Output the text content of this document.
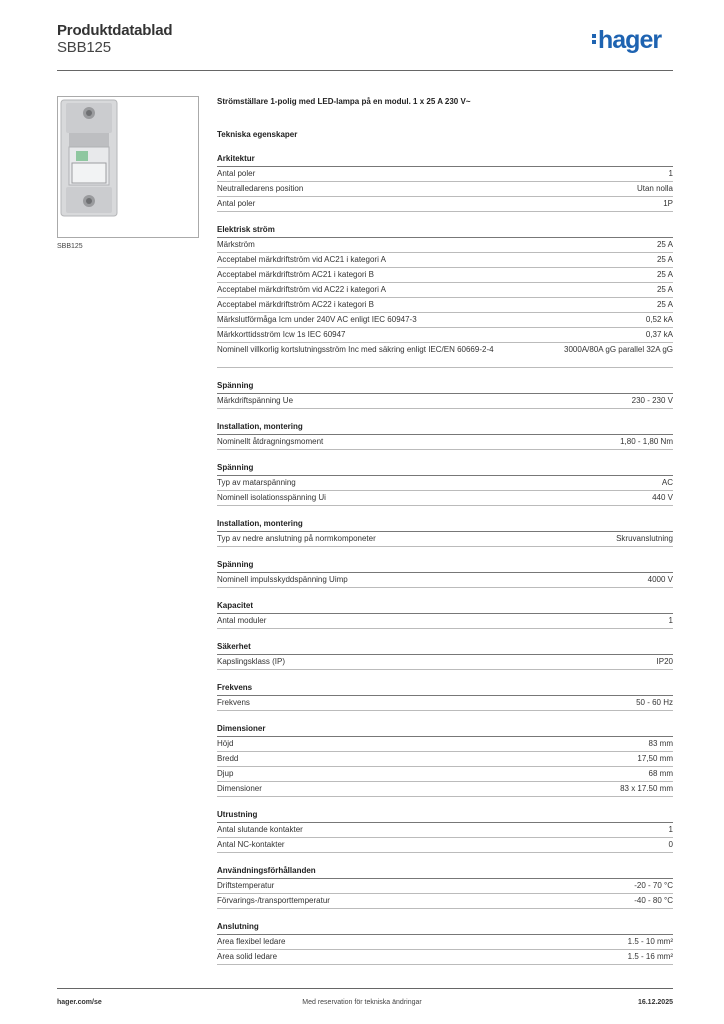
Produktdatablad
SBB125	hager
SBB125
Strömställare 1-polig med LED-lampa på en modul. 1 x 25 A 230 V~
Tekniska egenskaper
Arkitektur
Antal poler	1
Neutralledarens position	Utan nolla
Antal poler	1P
Elektrisk ström
Märkström	25 A
Acceptabel märkdriftström vid AC21 i kategori A	25 A
Acceptabel märkdriftström AC21 i kategori B	25 A
Acceptabel märkdriftström vid AC22 i kategori A	25 A
Acceptabel märkdriftström AC22 i kategori B	25 A
Märkslutförmåga Icm under 240V AC enligt IEC 60947-3	0,52 kA
Märkkorttidsström Icw 1s IEC 60947	0,37 kA
Nominell villkorlig kortslutningsström Inc med säkring enligt IEC/EN 60669-2-4	3000A/80A gG parallel 32A gG
Spänning
Märkdriftspänning Ue	230 - 230 V
Installation, montering
Nominellt åtdragningsmoment	1,80 - 1,80 Nm
Spänning
Typ av matarspänning	AC
Nominell isolationsspänning Ui	440 V
Installation, montering
Typ av nedre anslutning på normkomponeter	Skruvanslutning
Spänning
Nominell impulsskyddspänning Uimp	4000 V
Kapacitet
Antal moduler	1
Säkerhet
Kapslingsklass (IP)	IP20
Frekvens
Frekvens	50 - 60 Hz
Dimensioner
Höjd	83 mm
Bredd	17,50 mm
Djup	68 mm
Dimensioner	83 x 17.50 mm
Utrustning
Antal slutande kontakter	1
Antal NC-kontakter	0
Användningsförhållanden
Driftstemperatur	-20 - 70 °C
Förvarings-/transporttemperatur	-40 - 80 °C
Anslutning
Area flexibel ledare	1.5 - 10 mm²
Area solid ledare	1.5 - 16 mm²
hager.com/se	Med reservation för tekniska ändringar	16.12.2025
